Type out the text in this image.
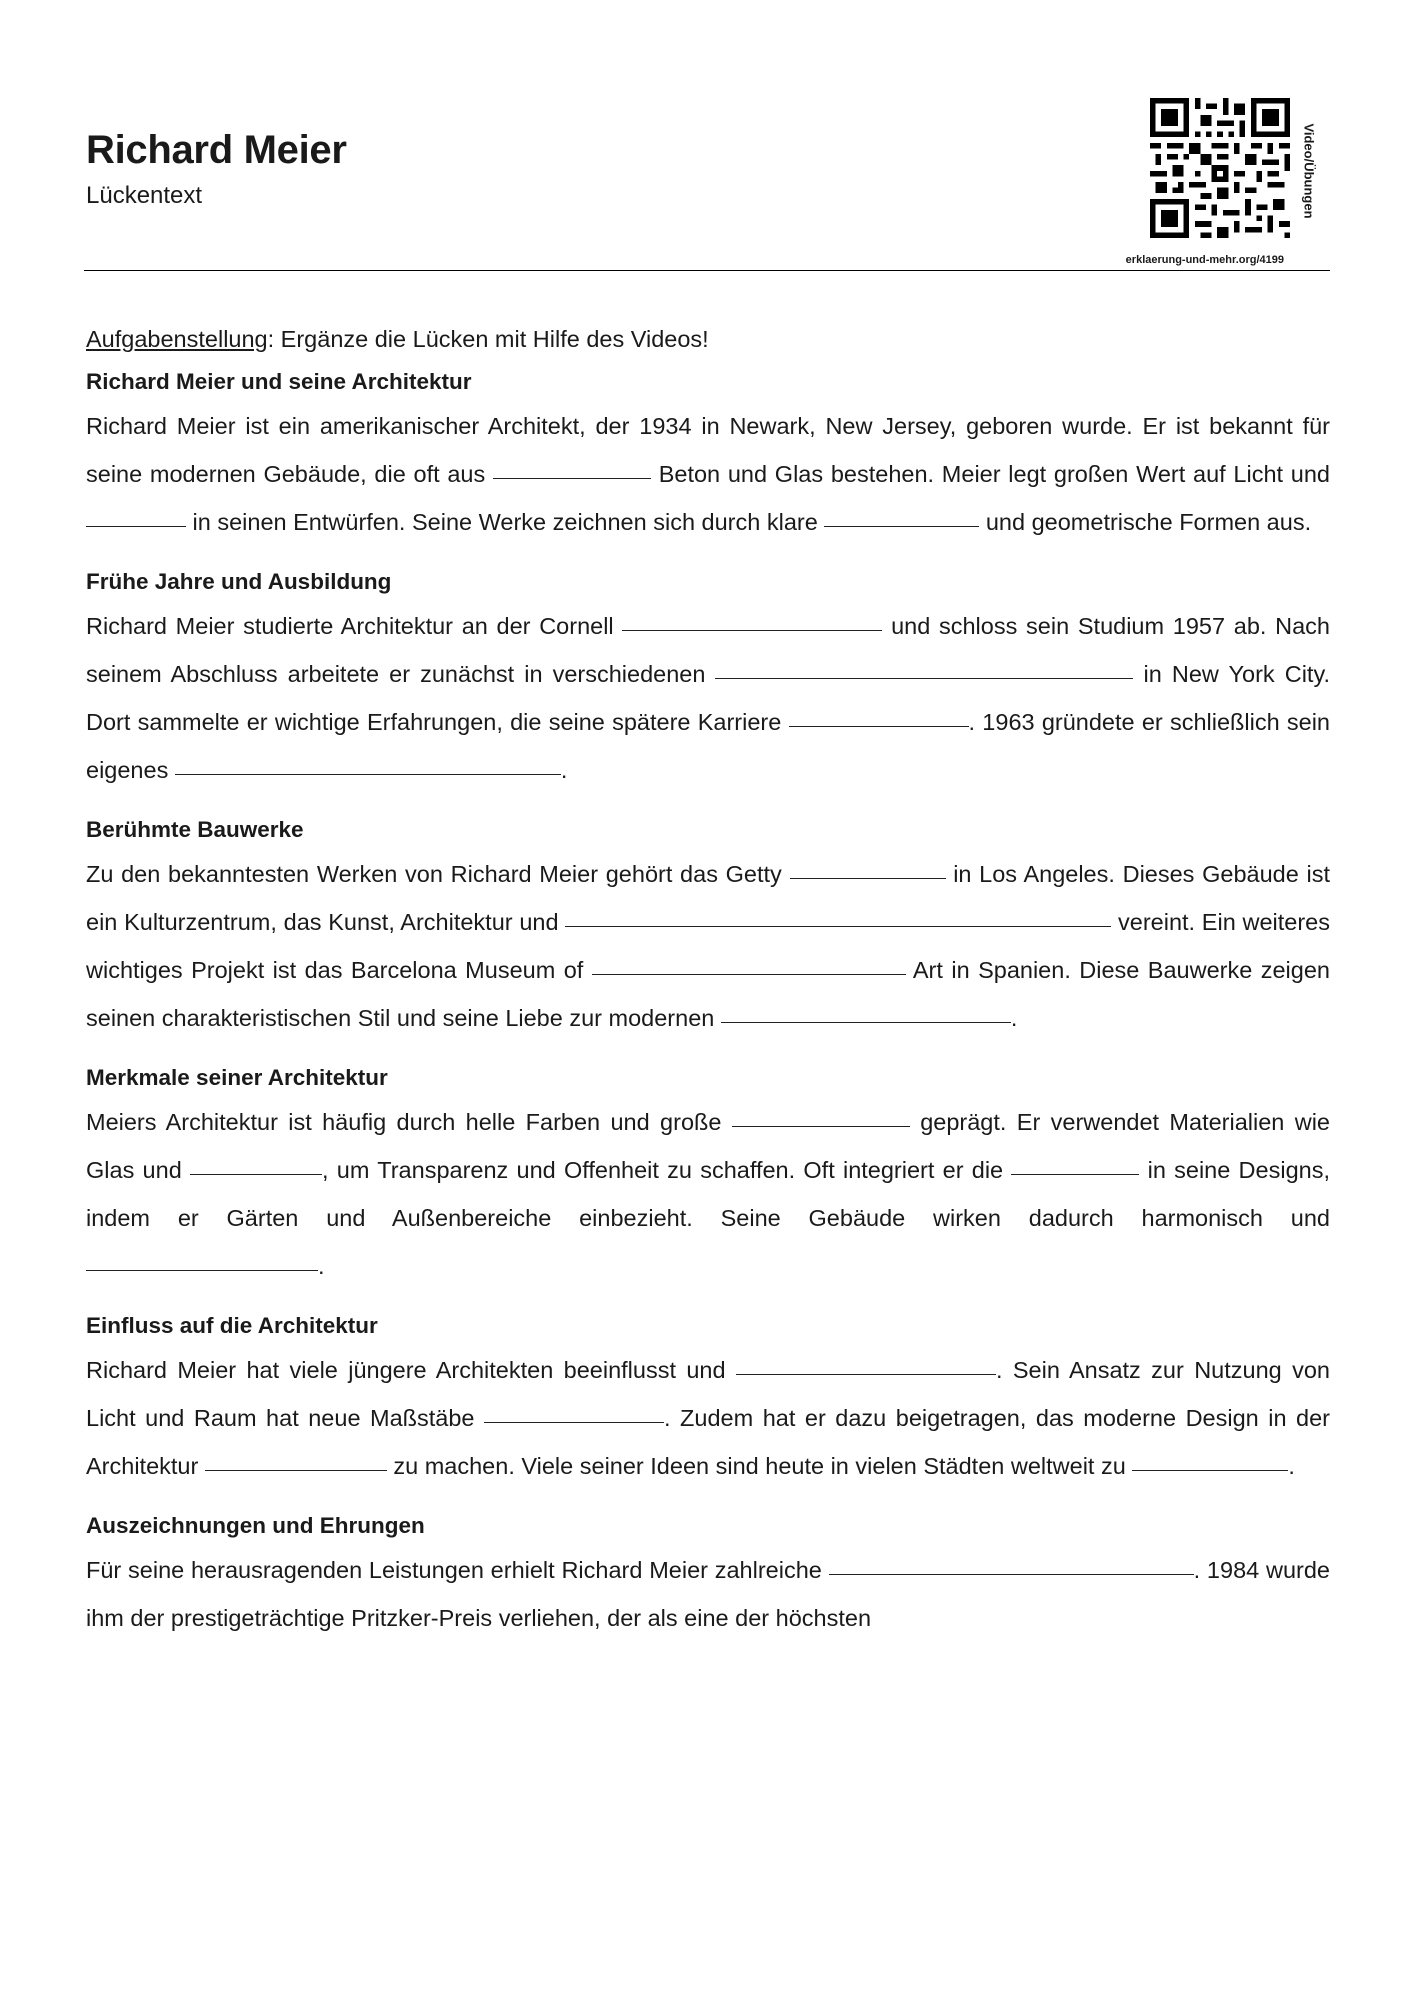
Richard Meier
Lückentext	Video/Übungen
erklaerung-und-mehr.org/4199

Aufgabenstellung: Ergänze die Lücken mit Hilfe des Videos!

Richard Meier und seine Architektur

Richard Meier ist ein amerikanischer Architekt, der 1934 in Newark, New Jersey, geboren wurde. Er ist bekannt für seine modernen Gebäude, die oft aus	Beton und Glas bestehen. Meier legt großen Wert auf Licht und  in seinen Entwürfen. Seine Werke zeichnen sich durch klare	und geometrische Formen aus.

Frühe Jahre und Ausbildung

Richard Meier studierte Architektur an der Cornell	und schloss sein Studium 1957 ab. Nach seinem Abschluss arbeitete er zunächst in verschiedenen	in New York City. Dort sammelte er wichtige Erfahrungen, die seine spätere Karriere	. 1963 gründete er schließlich sein eigenes	.

Berühmte Bauwerke

Zu den bekanntesten Werken von Richard Meier gehört das Getty	in Los Angeles. Dieses Gebäude ist ein Kulturzentrum, das Kunst, Architektur und	vereint. Ein weiteres wichtiges Projekt ist das Barcelona Museum of	Art in Spanien. Diese Bauwerke zeigen seinen charakteristischen Stil und seine Liebe zur modernen	.

Merkmale seiner Architektur

Meiers Architektur ist häufig durch helle Farben und große	geprägt. Er verwendet Materialien wie Glas und	, um Transparenz und Offenheit zu schaffen. Oft integriert er die	in seine Designs, indem er Gärten und Außenbereiche einbezieht. Seine Gebäude wirken dadurch harmonisch und .

Einfluss auf die Architektur

Richard Meier hat viele jüngere Architekten beeinflusst und	. Sein Ansatz zur Nutzung von Licht und Raum hat neue Maßstäbe	. Zudem hat er dazu beigetragen, das moderne Design in der Architektur	zu machen. Viele seiner Ideen sind heute in vielen Städten weltweit zu	.

Auszeichnungen und Ehrungen

Für seine herausragenden Leistungen erhielt Richard Meier zahlreiche	. 1984 wurde ihm der prestigeträchtige Pritzker-Preis verliehen, der als eine der höchsten
